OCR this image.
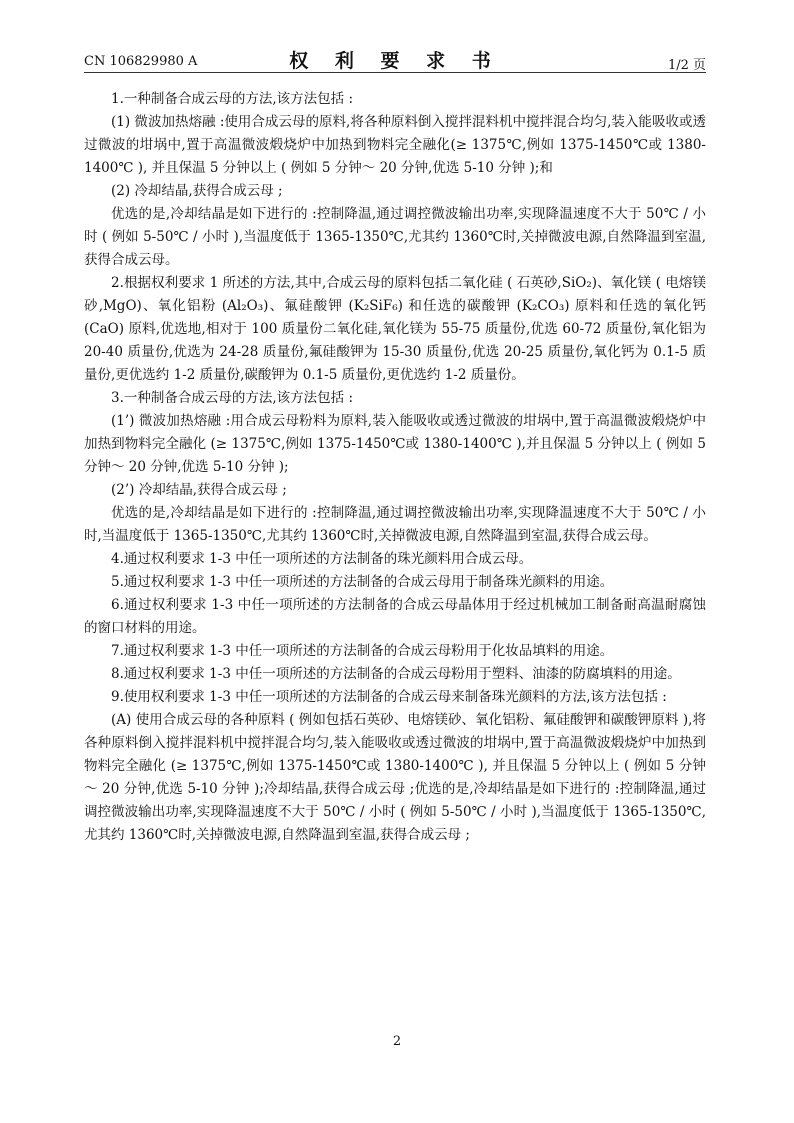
CN 106829980 A	权 利 要 求 书	1/2 页

1.一种制备合成云母的方法,该方法包括 :

(1) 微波加热熔融 :使用合成云母的原料,将各种原料倒入搅拌混料机中搅拌混合均匀,装入能吸收或透过微波的坩埚中,置于高温微波煅烧炉中加热到物料完全融化(≥ 1375℃,例如 1375-1450℃或 1380-1400℃ ), 并且保温 5 分钟以上 ( 例如 5 分钟～ 20 分钟,优选 5-10 分钟 );和

(2) 冷却结晶,获得合成云母 ;

优选的是,冷却结晶是如下进行的 :控制降温,通过调控微波输出功率,实现降温速度不大于 50℃ / 小时 ( 例如 5-50℃ / 小时 ),当温度低于 1365-1350℃,尤其约 1360℃时,关掉微波电源,自然降温到室温,获得合成云母。

2.根据权利要求 1 所述的方法,其中,合成云母的原料包括二氧化硅 ( 石英砂,SiO₂)、氧化镁 ( 电熔镁砂,MgO)、氧化铝粉 (Al₂O₃)、氟硅酸钾 (K₂SiF₆) 和任选的碳酸钾 (K₂CO₃) 原料和任选的氧化钙 (CaO) 原料,优选地,相对于 100 质量份二氧化硅,氧化镁为 55-75 质量份,优选 60-72 质量份,氧化铝为 20-40 质量份,优选为 24-28 质量份,氟硅酸钾为 15-30 质量份,优选 20-25 质量份,氧化钙为 0.1-5 质量份,更优选约 1-2 质量份,碳酸钾为 0.1-5 质量份,更优选约 1-2 质量份。

3.一种制备合成云母的方法,该方法包括 :

(1’) 微波加热熔融 :用合成云母粉料为原料,装入能吸收或透过微波的坩埚中,置于高温微波煅烧炉中加热到物料完全融化 (≥ 1375℃,例如 1375-1450℃或 1380-1400℃ ),并且保温 5 分钟以上 ( 例如 5 分钟～ 20 分钟,优选 5-10 分钟 );

(2’) 冷却结晶,获得合成云母 ;

优选的是,冷却结晶是如下进行的 :控制降温,通过调控微波输出功率,实现降温速度不大于 50℃ / 小时,当温度低于 1365-1350℃,尤其约 1360℃时,关掉微波电源,自然降温到室温,获得合成云母。

4.通过权利要求 1-3 中任一项所述的方法制备的珠光颜料用合成云母。

5.通过权利要求 1-3 中任一项所述的方法制备的合成云母用于制备珠光颜料的用途。

6.通过权利要求 1-3 中任一项所述的方法制备的合成云母晶体用于经过机械加工制备耐高温耐腐蚀的窗口材料的用途。

7.通过权利要求 1-3 中任一项所述的方法制备的合成云母粉用于化妆品填料的用途。

8.通过权利要求 1-3 中任一项所述的方法制备的合成云母粉用于塑料、油漆的防腐填料的用途。

9.使用权利要求 1-3 中任一项所述的方法制备的合成云母来制备珠光颜料的方法,该方法包括 :

(A) 使用合成云母的各种原料 ( 例如包括石英砂、电熔镁砂、氧化铝粉、氟硅酸钾和碳酸钾原料 ),将各种原料倒入搅拌混料机中搅拌混合均匀,装入能吸收或透过微波的坩埚中,置于高温微波煅烧炉中加热到物料完全融化 (≥ 1375℃,例如 1375-1450℃或 1380-1400℃ ), 并且保温 5 分钟以上 ( 例如 5 分钟～ 20 分钟,优选 5-10 分钟 );冷却结晶,获得合成云母 ;优选的是,冷却结晶是如下进行的 :控制降温,通过调控微波输出功率,实现降温速度不大于 50℃ / 小时 ( 例如 5-50℃ / 小时 ),当温度低于 1365-1350℃,尤其约 1360℃时,关掉微波电源,自然降温到室温,获得合成云母 ;

2
